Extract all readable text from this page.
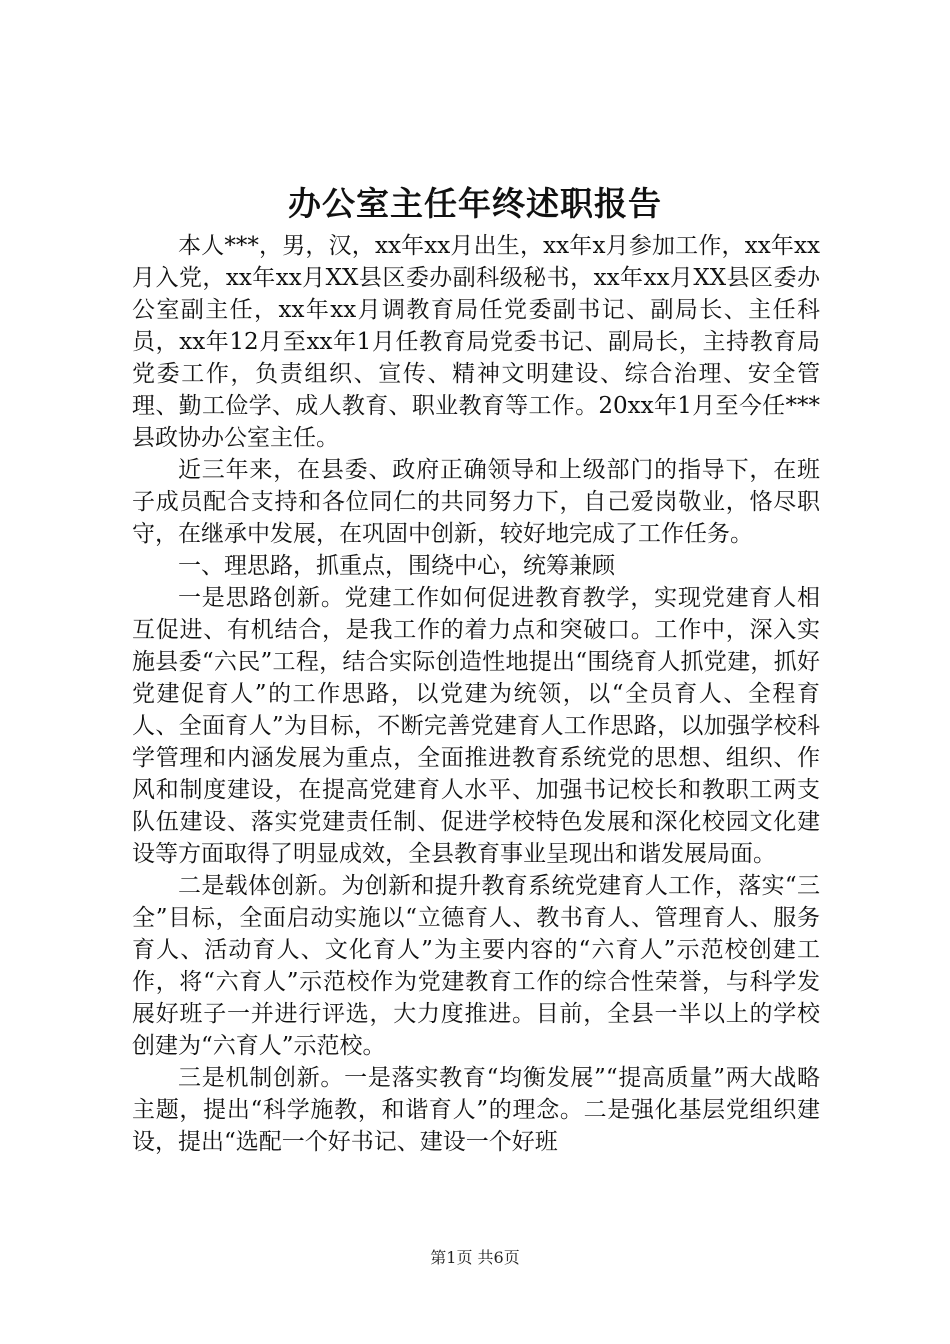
办公室主任年终述职报告

本人***，男，汉，xx年xx月出生，xx年x月参加工作，xx年xx月入党，xx年xx月XX县区委办副科级秘书，xx年xx月XX县区委办公室副主任，xx年xx月调教育局任党委副书记、副局长、主任科员，xx年12月至xx年1月任教育局党委书记、副局长，主持教育局党委工作，负责组织、宣传、精神文明建设、综合治理、安全管理、勤工俭学、成人教育、职业教育等工作。20xx年1月至今任***县政协办公室主任。

近三年来，在县委、政府正确领导和上级部门的指导下，在班子成员配合支持和各位同仁的共同努力下，自己爱岗敬业，恪尽职守，在继承中发展，在巩固中创新，较好地完成了工作任务。

一、理思路，抓重点，围绕中心，统筹兼顾

一是思路创新。党建工作如何促进教育教学，实现党建育人相互促进、有机结合，是我工作的着力点和突破口。工作中，深入实施县委“六民”工程，结合实际创造性地提出“围绕育人抓党建，抓好党建促育人”的工作思路，以党建为统领，以“全员育人、全程育人、全面育人”为目标，不断完善党建育人工作思路，以加强学校科学管理和内涵发展为重点，全面推进教育系统党的思想、组织、作风和制度建设，在提高党建育人水平、加强书记校长和教职工两支队伍建设、落实党建责任制、促进学校特色发展和深化校园文化建设等方面取得了明显成效，全县教育事业呈现出和谐发展局面。

二是载体创新。为创新和提升教育系统党建育人工作，落实“三全”目标，全面启动实施以“立德育人、教书育人、管理育人、服务育人、活动育人、文化育人”为主要内容的“六育人”示范校创建工作，将“六育人”示范校作为党建教育工作的综合性荣誉，与科学发展好班子一并进行评选，大力度推进。目前，全县一半以上的学校创建为“六育人”示范校。

三是机制创新。一是落实教育“均衡发展”“提高质量”两大战略主题，提出“科学施教，和谐育人”的理念。二是强化基层党组织建设，提出“选配一个好书记、建设一个好班

第1页 共6页
